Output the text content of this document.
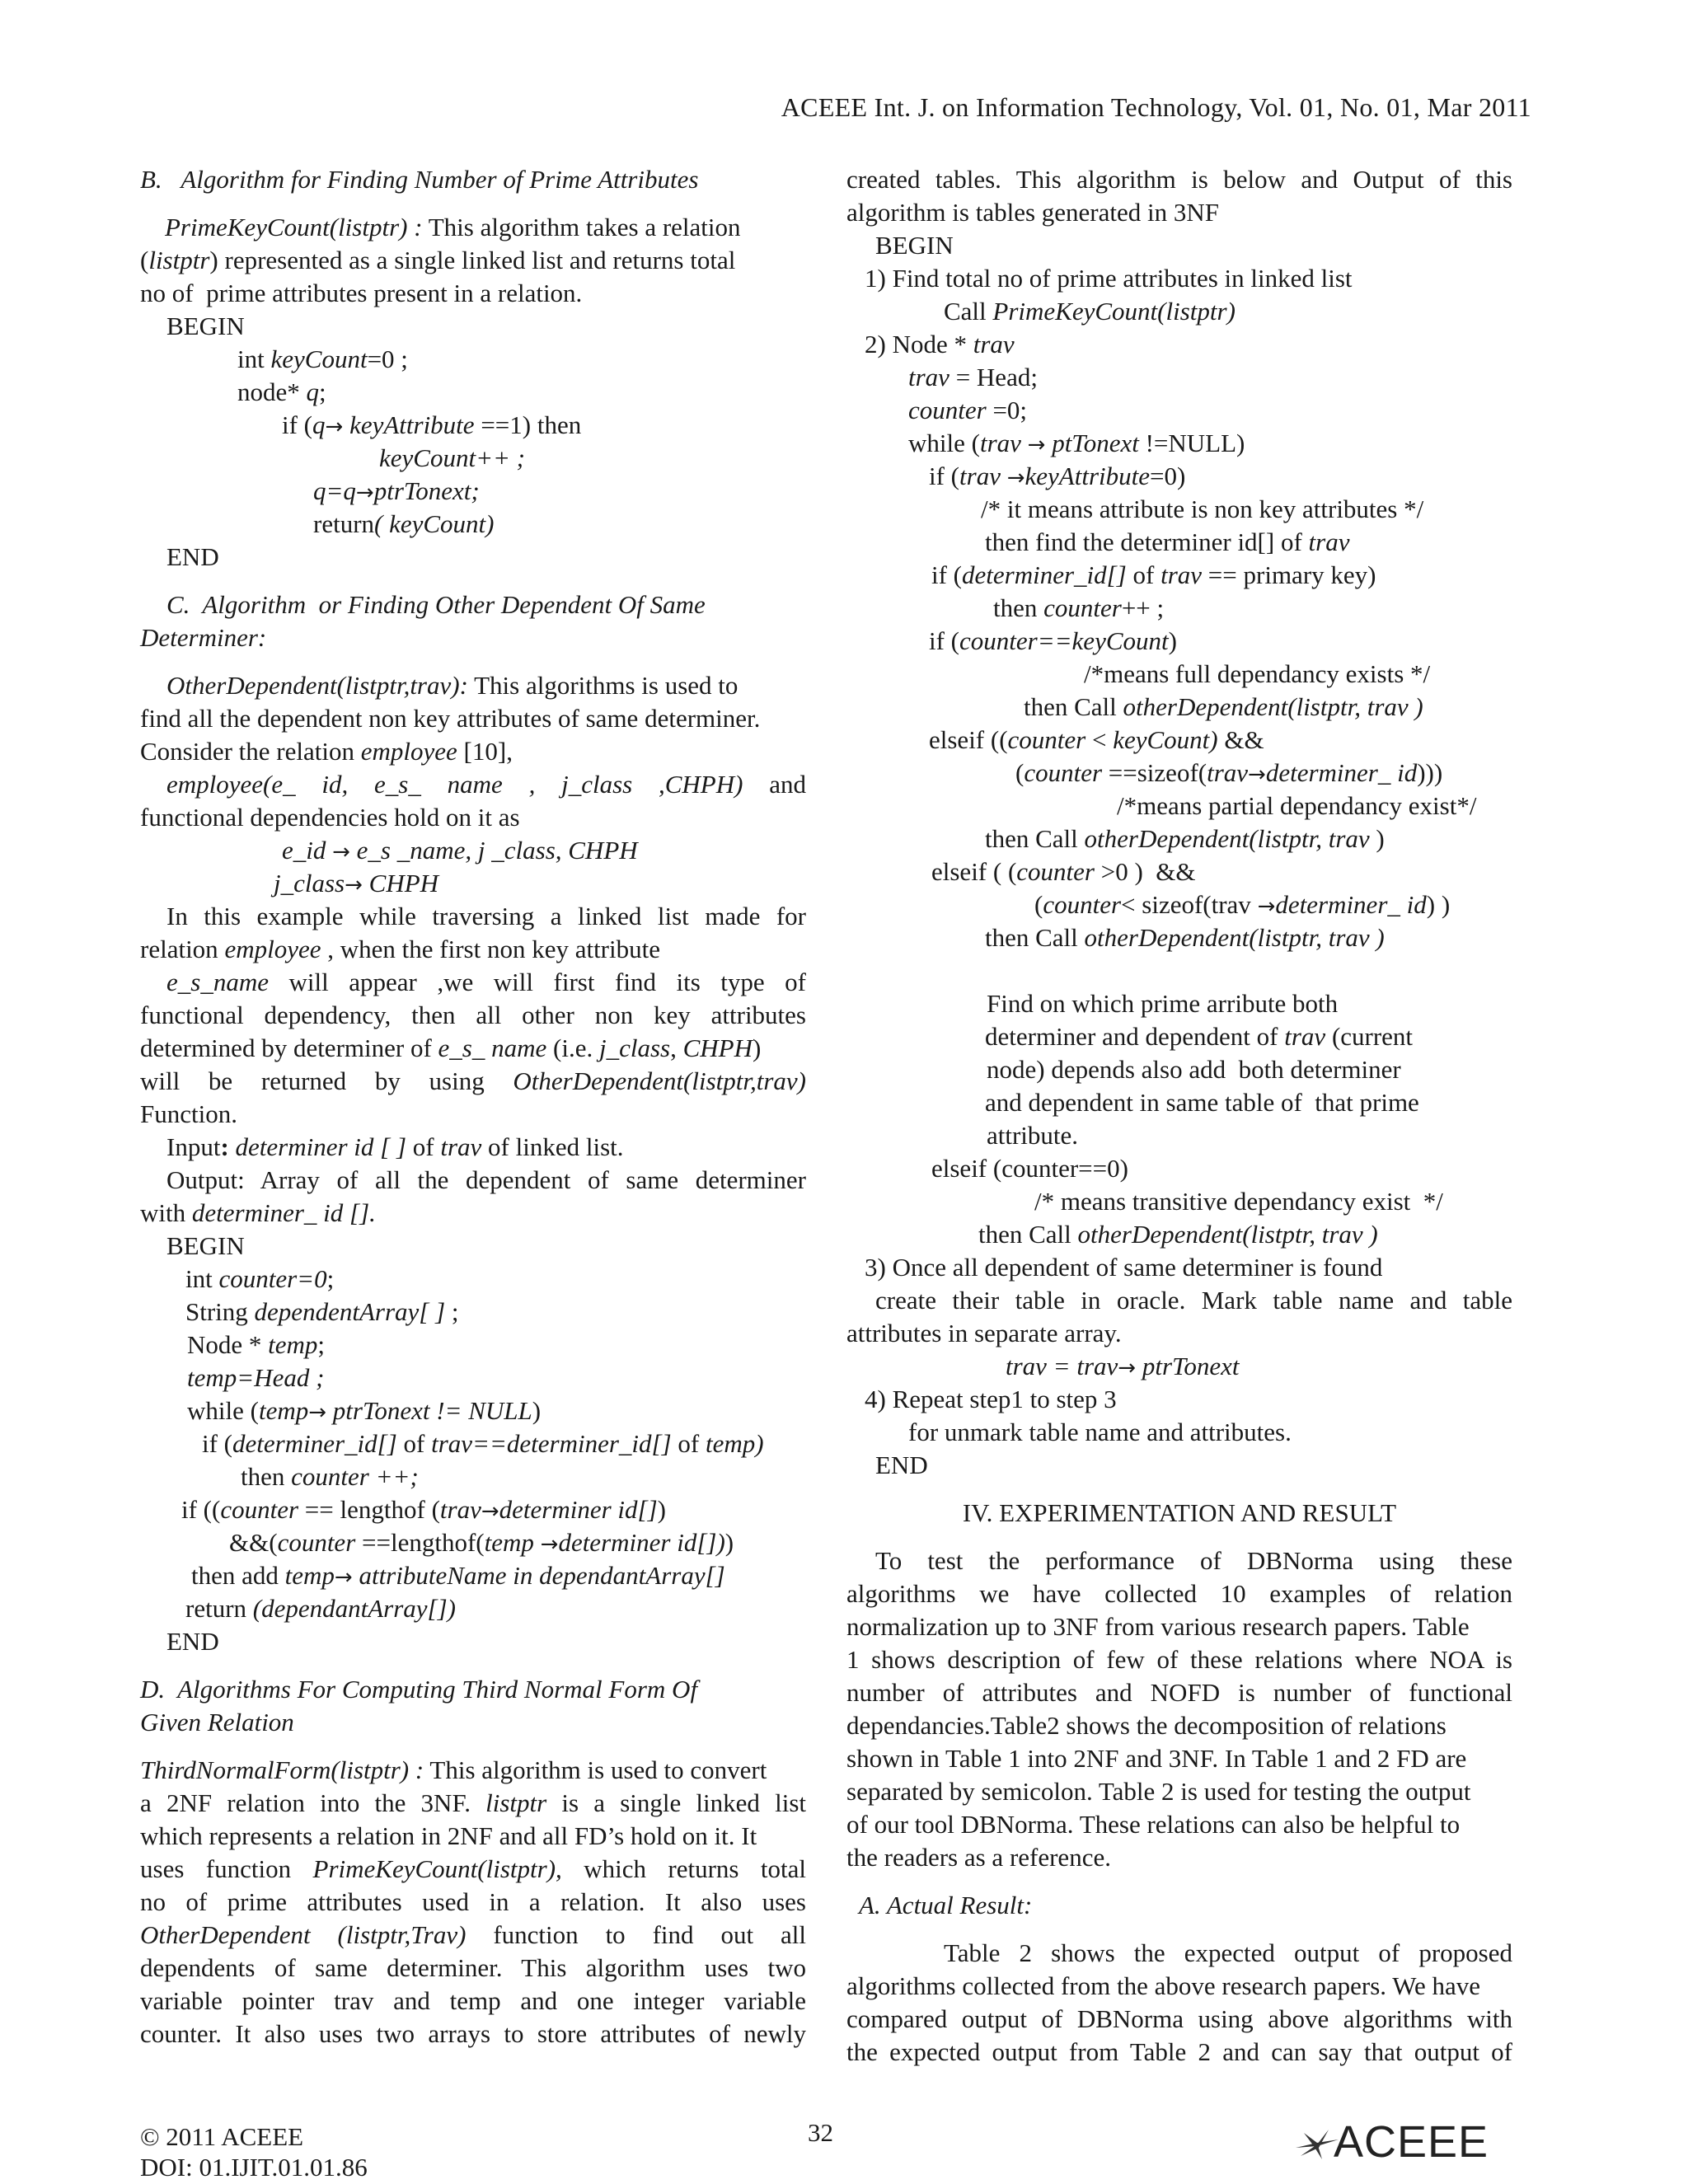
ACEEE Int. J. on Information Technology, Vol. 01, No. 01, Mar 2011
B.   Algorithm for Finding Number of Prime Attributes
PrimeKeyCount(listptr) : This algorithm takes a relation
(listptr) represented as a single linked list and returns total
no of  prime attributes present in a relation.
BEGIN
int keyCount=0 ;
node* q;
if (q→ keyAttribute ==1) then
keyCount++ ;
q=q→ptrTonext;
return( keyCount)
END
C.  Algorithm  or Finding Other Dependent Of Same
Determiner:
OtherDependent(listptr,trav): This algorithms is used to
find all the dependent non key attributes of same determiner.
Consider the relation employee [10],
employee(e_ id, e_s_ name , j_class ,CHPH) and
functional dependencies hold on it as
e_id → e_s _name, j _class, CHPH
j_class→ CHPH
In this example while traversing a linked list made for
relation employee , when the first non key attribute
e_s_name will appear ,we will first find its type of
functional dependency, then all other non key attributes
determined by determiner of e_s_ name (i.e. j_class, CHPH)
will be returned by using OtherDependent(listptr,trav)
Function.
Input: determiner id [ ] of trav of linked list.
Output: Array of all the dependent of same determiner
with determiner_ id [].
BEGIN
int counter=0;
String dependentArray[ ] ;
Node * temp;
temp=Head ;
while (temp→ ptrTonext != NULL)
if (determiner_id[] of trav==determiner_id[] of temp)
then counter ++;
if ((counter == lengthof (trav→determiner id[])
&&(counter ==lengthof(temp →determiner id[]))
then add temp→ attributeName in dependantArray[]
return (dependantArray[])
END
D.  Algorithms For Computing Third Normal Form Of
Given Relation
ThirdNormalForm(listptr) : This algorithm is used to convert
a 2NF relation into the 3NF. listptr is a single linked list
which represents a relation in 2NF and all FD’s hold on it. It
uses function PrimeKeyCount(listptr), which returns total
no of prime attributes used in a relation. It also uses
OtherDependent (listptr,Trav) function to find out all
dependents of same determiner. This algorithm uses two
variable pointer trav and temp and one integer variable
counter. It also uses two arrays to store attributes of newly
created tables. This algorithm is below and Output of this
algorithm is tables generated in 3NF
BEGIN
1) Find total no of prime attributes in linked list
Call PrimeKeyCount(listptr)
2) Node * trav
trav = Head;
counter =0;
while (trav → ptTonext !=NULL)
if (trav →keyAttribute=0)
/* it means attribute is non key attributes */
then find the determiner id[] of trav
if (determiner_id[] of trav == primary key)
then counter++ ;
if (counter==keyCount)
/*means full dependancy exists */
then Call otherDependent(listptr, trav )
elseif ((counter < keyCount) &&
(counter ==sizeof(trav→determiner_ id)))
/*means partial dependancy exist*/
then Call otherDependent(listptr, trav )
elseif ( (counter >0 )  &&
(counter< sizeof(trav →determiner_ id) )
then Call otherDependent(listptr, trav )
Find on which prime arribute both
determiner and dependent of trav (current
node) depends also add  both determiner
and dependent in same table of  that prime
attribute.
elseif (counter==0)
/* means transitive dependancy exist  */
then Call otherDependent(listptr, trav )
3) Once all dependent of same determiner is found
create their table in oracle. Mark table name and table
attributes in separate array.
trav = trav→ ptrTonext
4) Repeat step1 to step 3
for unmark table name and attributes.
END
IV. EXPERIMENTATION AND RESULT
To test the performance of DBNorma using these
algorithms we have collected 10 examples of relation
normalization up to 3NF from various research papers. Table
1 shows description of few of these relations where NOA is
number of attributes and NOFD is number of functional
dependancies.Table2 shows the decomposition of relations
shown in Table 1 into 2NF and 3NF. In Table 1 and 2 FD are
separated by semicolon. Table 2 is used for testing the output
of our tool DBNorma. These relations can also be helpful to
the readers as a reference.
A. Actual Result:
Table 2 shows the expected output of proposed
algorithms collected from the above research papers. We have
compared output of DBNorma using above algorithms with
the expected output from Table 2 and can say that output of
32
© 2011 ACEEE
DOI: 01.IJIT.01.01.86
ACEEE
